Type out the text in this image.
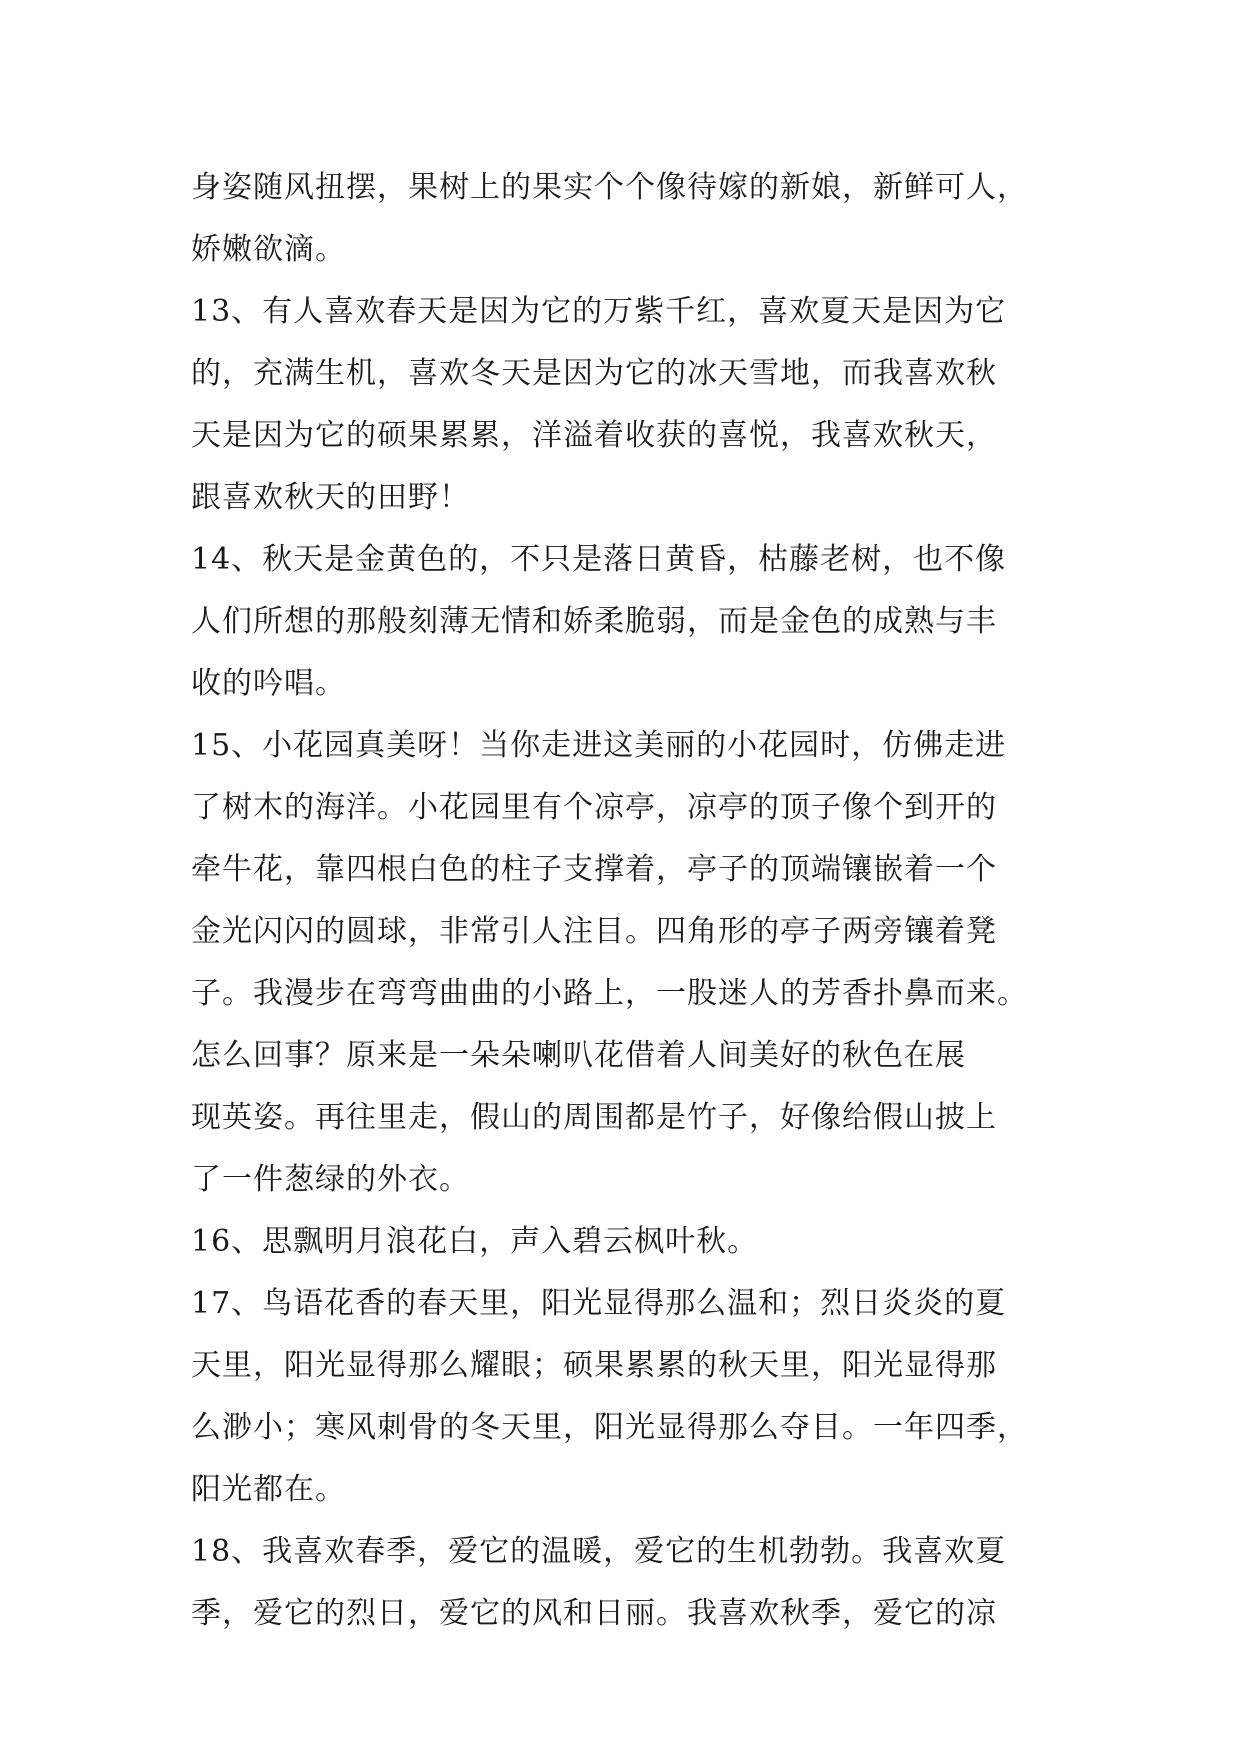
身姿随风扭摆，果树上的果实个个像待嫁的新娘，新鲜可人，
娇嫩欲滴。
13、有人喜欢春天是因为它的万紫千红，喜欢夏天是因为它
的，充满生机，喜欢冬天是因为它的冰天雪地，而我喜欢秋
天是因为它的硕果累累，洋溢着收获的喜悦，我喜欢秋天，
跟喜欢秋天的田野！
14、秋天是金黄色的，不只是落日黄昏，枯藤老树，也不像
人们所想的那般刻薄无情和娇柔脆弱，而是金色的成熟与丰
收的吟唱。
15、小花园真美呀！当你走进这美丽的小花园时，仿佛走进
了树木的海洋。小花园里有个凉亭，凉亭的顶子像个到开的
牵牛花，靠四根白色的柱子支撑着，亭子的顶端镶嵌着一个
金光闪闪的圆球，非常引人注目。四角形的亭子两旁镶着凳
子。我漫步在弯弯曲曲的小路上，一股迷人的芳香扑鼻而来。
怎么回事？原来是一朵朵喇叭花借着人间美好的秋色在展
现英姿。再往里走，假山的周围都是竹子，好像给假山披上
了一件葱绿的外衣。
16、思飘明月浪花白，声入碧云枫叶秋。
17、鸟语花香的春天里，阳光显得那么温和；烈日炎炎的夏
天里，阳光显得那么耀眼；硕果累累的秋天里，阳光显得那
么渺小；寒风刺骨的冬天里，阳光显得那么夺目。一年四季，
阳光都在。
18、我喜欢春季，爱它的温暖，爱它的生机勃勃。我喜欢夏
季，爱它的烈日，爱它的风和日丽。我喜欢秋季，爱它的凉
